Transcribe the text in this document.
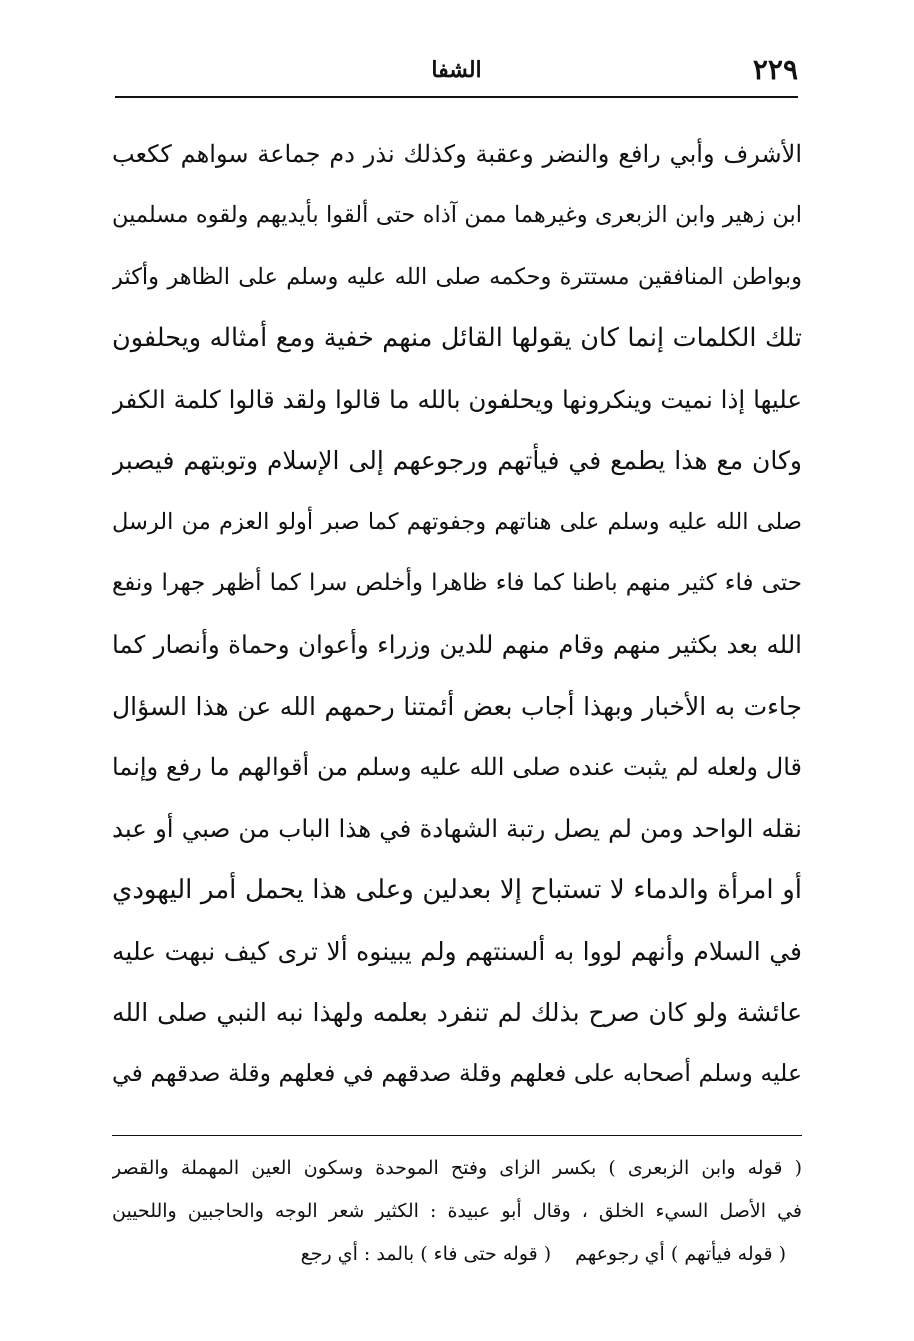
٢٢٩
الشفا
الأشرف وأبي رافع والنضر وعقبة وكذلك نذر دم جماعة سواهم ككعب
ابن زهير وابن الزبعرى وغيرهما ممن آذاه حتى ألقوا بأيديهم ولقوه مسلمين
وبواطن المنافقين مستترة وحكمه صلى الله عليه وسلم على الظاهر وأكثر
تلك الكلمات إنما كان يقولها القائل منهم خفية ومع أمثاله ويحلفون
عليها إذا نميت وينكرونها ويحلفون بالله ما قالوا ولقد قالوا كلمة الكفر
وكان مع هذا يطمع في فيأتهم ورجوعهم إلى الإسلام وتوبتهم فيصبر
صلى الله عليه وسلم على هناتهم وجفوتهم كما صبر أولو العزم من الرسل
حتى فاء كثير منهم باطنا كما فاء ظاهرا وأخلص سرا كما أظهر جهرا ونفع
الله بعد بكثير منهم وقام منهم للدين وزراء وأعوان وحماة وأنصار كما
جاءت به الأخبار وبهذا أجاب بعض أئمتنا رحمهم الله عن هذا السؤال
قال ولعله لم يثبت عنده صلى الله عليه وسلم من أقوالهم ما رفع وإنما
نقله الواحد ومن لم يصل رتبة الشهادة في هذا الباب من صبي أو عبد
أو امرأة والدماء لا تستباح إلا بعدلين وعلى هذا يحمل أمر اليهودي
في السلام وأنهم لووا به ألسنتهم ولم يبينوه ألا ترى كيف نبهت عليه
عائشة ولو كان صرح بذلك لم تنفرد بعلمه ولهذا نبه النبي صلى الله
عليه وسلم أصحابه على فعلهم وقلة صدقهم في فعلهم وقلة صدقهم في
( قوله وابن الزبعرى ) بكسر الزاى وفتح الموحدة وسكون العين المهملة والقصر
في الأصل السيء الخلق ، وقال أبو عبيدة : الكثير شعر الوجه والحاجبين واللحيين
( قوله فيأتهم ) أي رجوعهم
( قوله حتى فاء ) بالمد : أي رجع
